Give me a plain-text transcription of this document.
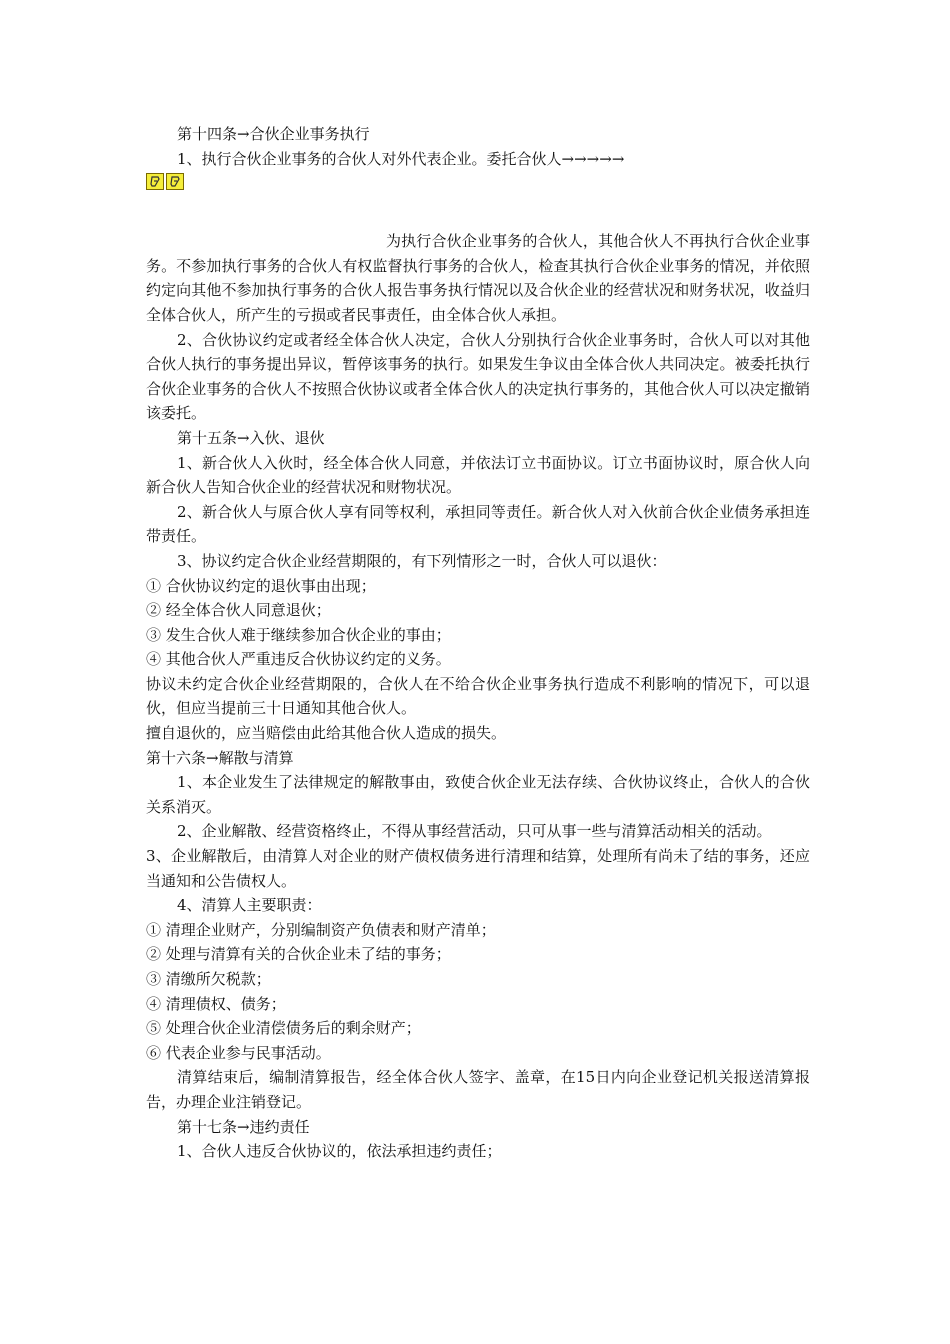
第十四条→合伙企业事务执行

1、执行合伙企业事务的合伙人对外代表企业。委托合伙人→→→→→

为执行合伙企业事务的合伙人，其他合伙人不再执行合伙企业事务。不参加执行事务的合伙人有权监督执行事务的合伙人，检查其执行合伙企业事务的情况，并依照约定向其他不参加执行事务的合伙人报告事务执行情况以及合伙企业的经营状况和财务状况，收益归全体合伙人，所产生的亏损或者民事责任，由全体合伙人承担。

2、合伙协议约定或者经全体合伙人决定，合伙人分别执行合伙企业事务时，合伙人可以对其他合伙人执行的事务提出异议，暂停该事务的执行。如果发生争议由全体合伙人共同决定。被委托执行合伙企业事务的合伙人不按照合伙协议或者全体合伙人的决定执行事务的，其他合伙人可以决定撤销该委托。

第十五条→入伙、退伙

1、新合伙人入伙时，经全体合伙人同意，并依法订立书面协议。订立书面协议时，原合伙人向新合伙人告知合伙企业的经营状况和财物状况。

2、新合伙人与原合伙人享有同等权利，承担同等责任。新合伙人对入伙前合伙企业债务承担连带责任。

3、协议约定合伙企业经营期限的，有下列情形之一时，合伙人可以退伙：

① 合伙协议约定的退伙事由出现；

② 经全体合伙人同意退伙；

③ 发生合伙人难于继续参加合伙企业的事由；

④ 其他合伙人严重违反合伙协议约定的义务。

协议未约定合伙企业经营期限的，合伙人在不给合伙企业事务执行造成不利影响的情况下，可以退伙，但应当提前三十日通知其他合伙人。

擅自退伙的，应当赔偿由此给其他合伙人造成的损失。

第十六条→解散与清算

1、本企业发生了法律规定的解散事由，致使合伙企业无法存续、合伙协议终止，合伙人的合伙关系消灭。

2、企业解散、经营资格终止，不得从事经营活动，只可从事一些与清算活动相关的活动。

3、企业解散后，由清算人对企业的财产债权债务进行清理和结算，处理所有尚未了结的事务，还应当通知和公告债权人。

4、清算人主要职责：

① 清理企业财产，分别编制资产负债表和财产清单；

② 处理与清算有关的合伙企业未了结的事务；

③ 清缴所欠税款；

④ 清理债权、债务；

⑤ 处理合伙企业清偿债务后的剩余财产；

⑥ 代表企业参与民事活动。

清算结束后，编制清算报告，经全体合伙人签字、盖章，在15日内向企业登记机关报送清算报告，办理企业注销登记。

第十七条→违约责任

1、合伙人违反合伙协议的，依法承担违约责任；
